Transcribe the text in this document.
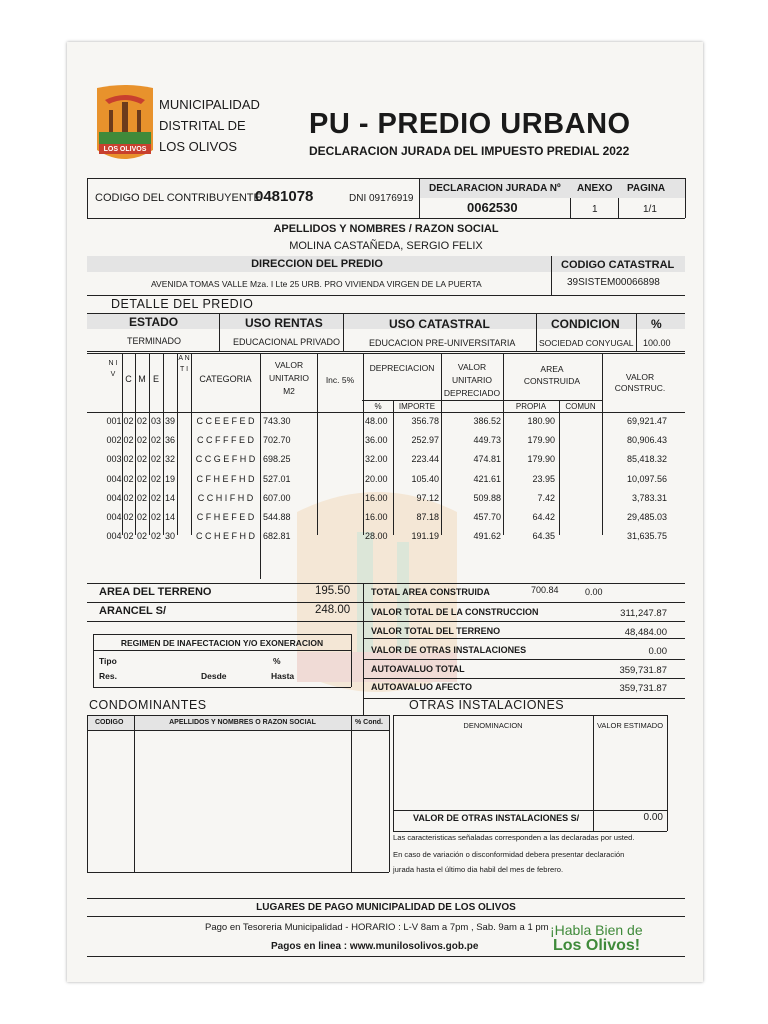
LOS OLIVOS
MUNICIPALIDAD
DISTRITAL DE
LOS OLIVOS
PU - PREDIO URBANO
DECLARACION JURADA DEL IMPUESTO PREDIAL 2022
CODIGO DEL CONTRIBUYENTE
0481078	DNI 09176919
DECLARACION JURADA Nº
0062530
ANEXO
1
PAGINA
1/1
APELLIDOS Y NOMBRES / RAZON SOCIAL
MOLINA CASTAÑEDA, SERGIO FELIX
DIRECCION DEL PREDIO	CODIGO CATASTRAL
AVENIDA TOMAS VALLE Mza. I Lte 25 URB. PRO VIVIENDA VIRGEN DE LA PUERTA	39SISTEM00066898
DETALLE DEL PREDIO
ESTADO
TERMINADO
USO RENTAS
EDUCACIONAL PRIVADO
USO CATASTRAL
EDUCACION PRE-UNIVERSITARIA
CONDICION
SOCIEDAD CONYUGAL
%
100.00
N I V	C M E
A N T I
CATEGORIA
VALOR UNITARIO M2
Inc. 5%
DEPRECIACION
%	IMPORTE
VALOR UNITARIO DEPRECIADO
AREA CONSTRUIDA
PROPIA	COMUN
VALOR CONSTRUC.
001 02 02 03 39	C C E E F E D 743.30	48.00	356.78	386.52	180.90	69,921.47
002 02 02 02 36	C C F F F E D	702.70	36.00	252.97	449.73	179.90	80,906.43
003 02 02 02 32	C C G E F H D 698.25	32.00	223.44	474.81	179.90	85,418.32
004 02 02 02 19	C F H E F H D 527.01	20.00	105.40	421.61	23.95	10,097.56
004 02 02 02 14	C C H I F H D	607.00	16.00	97.12	509.88	7.42	3,783.31
004 02 02 02 14	C F H E F E D 544.88	16.00	87.18	457.70	64.42	29,485.03
004 02 02 02 30	C C H E F H D 682.81	28.00	191.19	491.62	64.35	31,635.75
AREA DEL TERRENO	195.50
ARANCEL S/	248.00
TOTAL AREA CONSTRUIDA	700.84	0.00
VALOR TOTAL DE LA CONSTRUCCION	311,247.87
VALOR TOTAL DEL TERRENO	48,484.00
VALOR DE OTRAS INSTALACIONES	0.00
AUTOAVALUO TOTAL	359,731.87
AUTOAVALUO AFECTO	359,731.87
REGIMEN DE INAFECTACION Y/O EXONERACION
Tipo	%
Res.	Desde	Hasta
CONDOMINANTES
CODIGO	APELLIDOS Y NOMBRES O RAZON SOCIAL	% Cond.
OTRAS INSTALACIONES
DENOMINACION	VALOR ESTIMADO
VALOR DE OTRAS INSTALACIONES S/	0.00
Las caracteristicas señaladas corresponden a las declaradas por usted.
En caso de variación o disconformidad debera presentar declaración
jurada hasta el último dia habil del mes de febrero.
LUGARES DE PAGO MUNICIPALIDAD DE LOS OLIVOS
Pago en Tesoreria Municipalidad - HORARIO : L-V 8am a 7pm , Sab. 9am a 1 pm
Pagos en linea : www.munilosolivos.gob.pe
¡Habla Bien de
Los Olivos!
